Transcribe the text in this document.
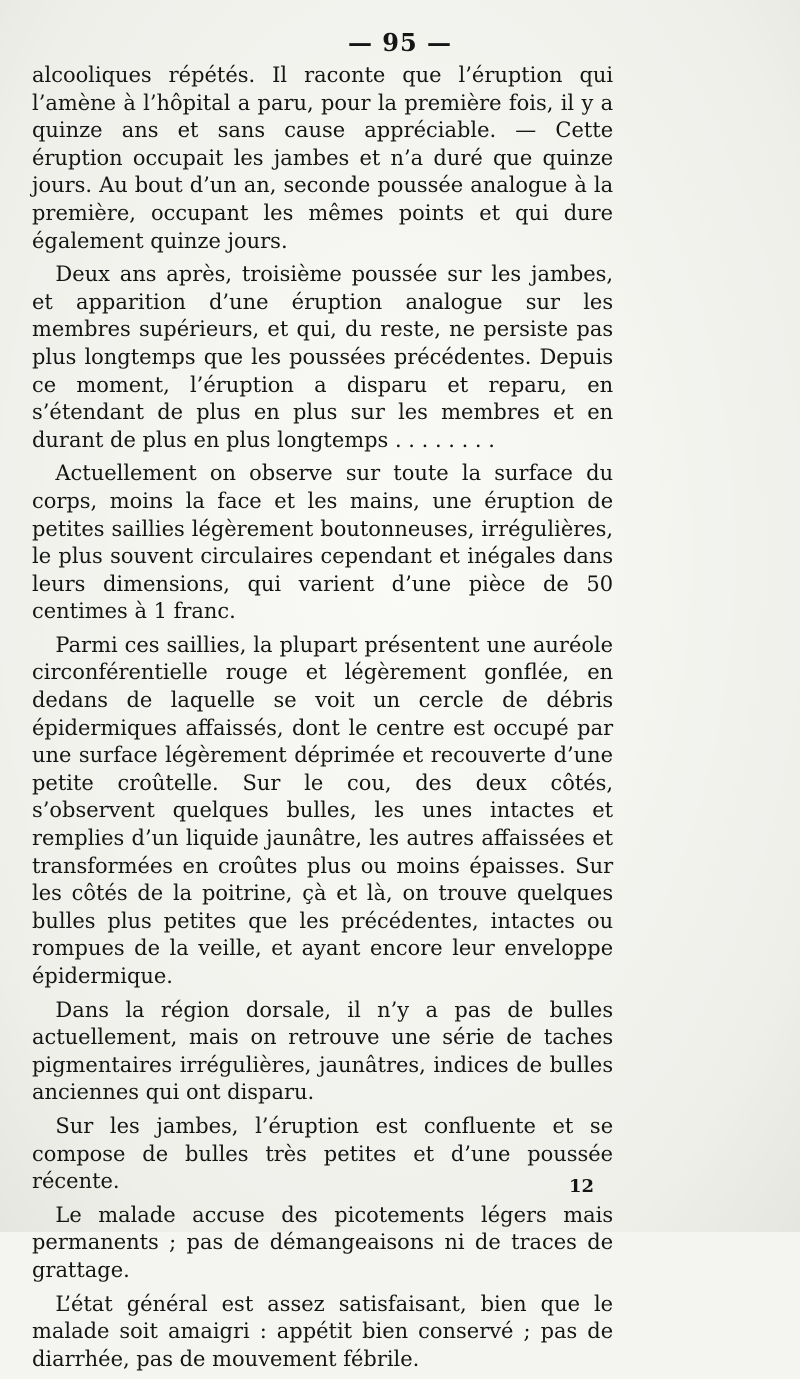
— 95 —

alcooliques répétés. Il raconte que l’éruption qui l’amène à l’hôpital a paru, pour la première fois, il y a quinze ans et sans cause appréciable. — Cette éruption occupait les jambes et n’a duré que quinze jours. Au bout d’un an, seconde poussée analogue à la première, occupant les mêmes points et qui dure également quinze jours.

Deux ans après, troisième poussée sur les jambes, et apparition d’une éruption analogue sur les membres supérieurs, et qui, du reste, ne persiste pas plus longtemps que les poussées précédentes. Depuis ce moment, l’éruption a disparu et reparu, en s’étendant de plus en plus sur les membres et en durant de plus en plus longtemps . . . . . . . .

Actuellement on observe sur toute la surface du corps, moins la face et les mains, une éruption de petites saillies légèrement boutonneuses, irrégulières, le plus souvent circulaires cependant et inégales dans leurs dimensions, qui varient d’une pièce de 50 centimes à 1 franc.

Parmi ces saillies, la plupart présentent une auréole circonférentielle rouge et légèrement gonflée, en dedans de laquelle se voit un cercle de débris épidermiques affaissés, dont le centre est occupé par une surface légèrement déprimée et recouverte d’une petite croûtelle. Sur le cou, des deux côtés, s’observent quelques bulles, les unes intactes et remplies d’un liquide jaunâtre, les autres affaissées et transformées en croûtes plus ou moins épaisses. Sur les côtés de la poitrine, çà et là, on trouve quelques bulles plus petites que les précédentes, intactes ou rompues de la veille, et ayant encore leur enveloppe épidermique.

Dans la région dorsale, il n’y a pas de bulles actuellement, mais on retrouve une série de taches pigmentaires irrégulières, jaunâtres, indices de bulles anciennes qui ont disparu.

Sur les jambes, l’éruption est confluente et se compose de bulles très petites et d’une poussée récente.

Le malade accuse des picotements légers mais permanents ; pas de démangeaisons ni de traces de grattage.

L’état général est assez satisfaisant, bien que le malade soit amaigri : appétit bien conservé ; pas de diarrhée, pas de mouvement fébrile.

12
